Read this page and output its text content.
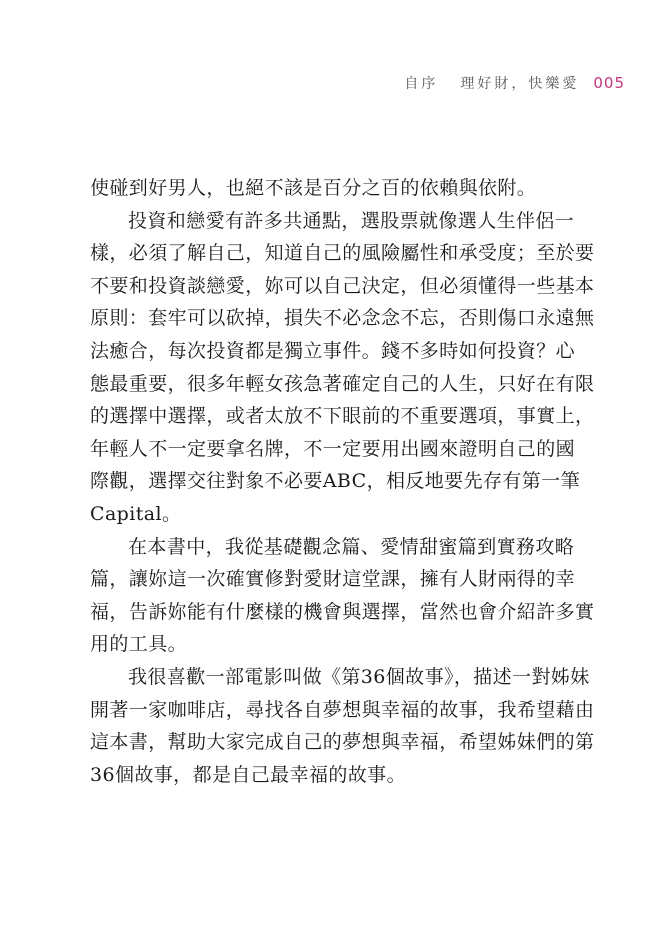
自序 理好財，快樂愛 005

使碰到好男人，也絕不該是百分之百的依賴與依附。

投資和戀愛有許多共通點，選股票就像選人生伴侶一
樣，必須了解自己，知道自己的風險屬性和承受度；至於要
不要和投資談戀愛，妳可以自己決定，但必須懂得一些基本
原則：套牢可以砍掉，損失不必念念不忘，否則傷口永遠無
法癒合，每次投資都是獨立事件。錢不多時如何投資？心
態最重要，很多年輕女孩急著確定自己的人生，只好在有限
的選擇中選擇，或者太放不下眼前的不重要選項，事實上，
年輕人不一定要拿名牌，不一定要用出國來證明自己的國
際觀，選擇交往對象不必要ABC，相反地要先存有第一筆
Capital。

在本書中，我從基礎觀念篇、愛情甜蜜篇到實務攻略
篇，讓妳這一次確實修對愛財這堂課，擁有人財兩得的幸
福，告訴妳能有什麼樣的機會與選擇，當然也會介紹許多實
用的工具。

我很喜歡一部電影叫做《第36個故事》，描述一對姊妹
開著一家咖啡店，尋找各自夢想與幸福的故事，我希望藉由
這本書，幫助大家完成自己的夢想與幸福，希望姊妹們的第
36個故事，都是自己最幸福的故事。
